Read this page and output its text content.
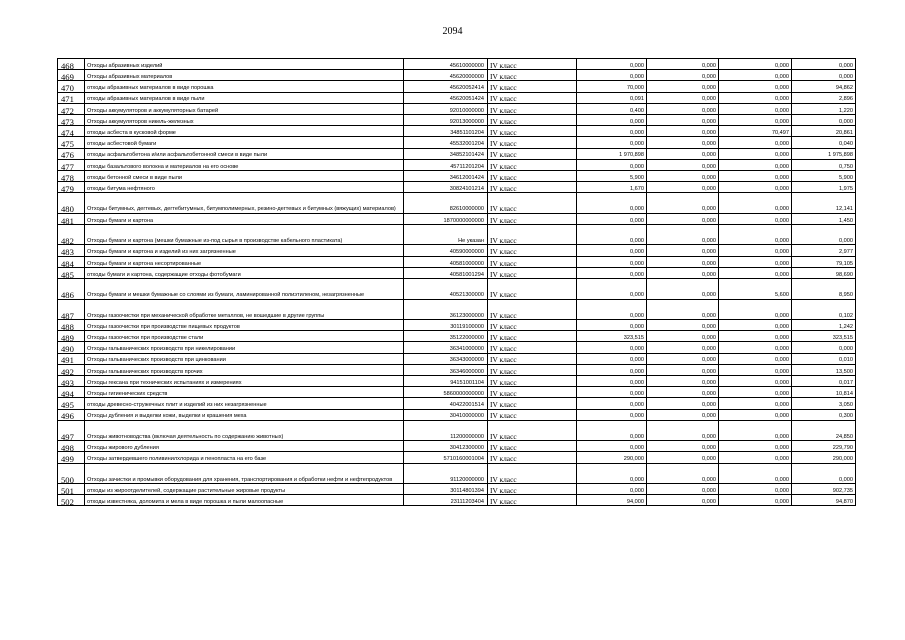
2094
468	Отходы абразивных изделий	45610000000	IV класс	0,000	0,000	0,000	0,000
469	Отходы абразивных материалов	45620000000	IV класс	0,000	0,000	0,000	0,000
470	отходы абразивных материалов в виде порошка	45620052414	IV класс	70,000	0,000	0,000	94,862
471	отходы абразивных материалов в виде пыли	45620051424	IV класс	0,091	0,000	0,000	2,896
472	Отходы аккумуляторов и аккумуляторных батарей	92010000000	IV класс	0,400	0,000	0,000	1,220
473	Отходы аккумуляторов никель-железных	92013000000	IV класс	0,000	0,000	0,000	0,000
474	отходы асбеста в кусковой форме	34851101204	IV класс	0,000	0,000	70,497	20,861
475	отходы асбестовой бумаги	45532001204	IV класс	0,000	0,000	0,000	0,040
476	отходы асфальтобетона и/или асфальтобетонной смеси в виде пыли	34852101424	IV класс	1 970,898	0,000	0,000	1 975,898
477	отходы базальтового волокна и материалов на его основе	45711201204	IV класс	0,000	0,000	0,000	0,750
478	отходы бетонной смеси в виде пыли	34612001424	IV класс	5,900	0,000	0,000	5,900
479	отходы битума нефтяного	30824101214	IV класс	1,670	0,000	0,000	1,975
480	Отходы битумных, дегтевых, дегтебитумных, битумполимерных, резино-дегтевых и битумных (вяжущих) материалов)	82610000000	IV класс	0,000	0,000	0,000	12,141
481	Отходы бумаги и картона	1870000000000	IV класс	0,000	0,000	0,000	1,450
482	Отходы бумаги и картона (мешки бумажные из-под сырья в производстве кабельного пластиката)	Не указан	IV класс	0,000	0,000	0,000	0,000
483	Отходы бумаги и картона и изделий из них загрязненные	40590000000	IV класс	0,000	0,000	0,000	2,977
484	Отходы бумаги и картона несортированные	40581000000	IV класс	0,000	0,000	0,000	79,105
485	отходы бумаги и картона, содержащие отходы фотобумаги	40581001294	IV класс	0,000	0,000	0,000	98,690
486	Отходы бумаги и мешки бумажные со слоями из бумаги, ламинированной полиэтиленом, незагрязненные	40521300000	IV класс	0,000	0,000	5,600	8,950
487	Отходы газоочистки при механической обработке металлов, не вошедшие в другие группы	36123000000	IV класс	0,000	0,000	0,000	0,102
488	Отходы газоочистки при производстве пищевых продуктов	30119100000	IV класс	0,000	0,000	0,000	1,242
489	Отходы газоочистки при производстве стали	35122000000	IV класс	323,515	0,000	0,000	323,515
490	Отходы гальванических производств при никелировании	36341000000	IV класс	0,000	0,000	0,000	0,000
491	Отходы гальванических производств при цинковании	36343000000	IV класс	0,000	0,000	0,000	0,010
492	Отходы гальванических производств прочих	36346000000	IV класс	0,000	0,000	0,000	13,500
493	Отходы гексана при технических испытаниях и измерениях	94151001104	IV класс	0,000	0,000	0,000	0,017
494	Отходы гигиенических средств	5860000000000	IV класс	0,000	0,000	0,000	10,814
495	отходы древесно-стружечных плит и изделий из них незагрязненные	40422001514	IV класс	0,000	0,000	0,000	3,050
496	Отходы дубления и выделки кожи, выделки и крашения меха	30410000000	IV класс	0,000	0,000	0,000	0,300
497	Отходы животноводства (включая деятельность по содержанию животных)	11200000000	IV класс	0,000	0,000	0,000	24,850
498	Отходы жирового дубления	30412300000	IV класс	0,000	0,000	0,000	229,790
499	Отходы затвердевшего поливинилхлорида и пенопласта на его базе	5710160001004	IV класс	290,000	0,000	0,000	290,000
500	Отходы зачистки и промывки оборудования для хранения, транспортирования и обработки нефти и нефтепродуктов	91120000000	IV класс	0,000	0,000	0,000	0,000
501	отходы из жироотделителей, содержащие растительные жировые продукты	30114801394	IV класс	0,000	0,000	0,000	902,735
502	отходы известняка, доломита и мела в виде порошка и пыли малоопасные	23111203404	IV класс	94,000	0,000	0,000	94,870
